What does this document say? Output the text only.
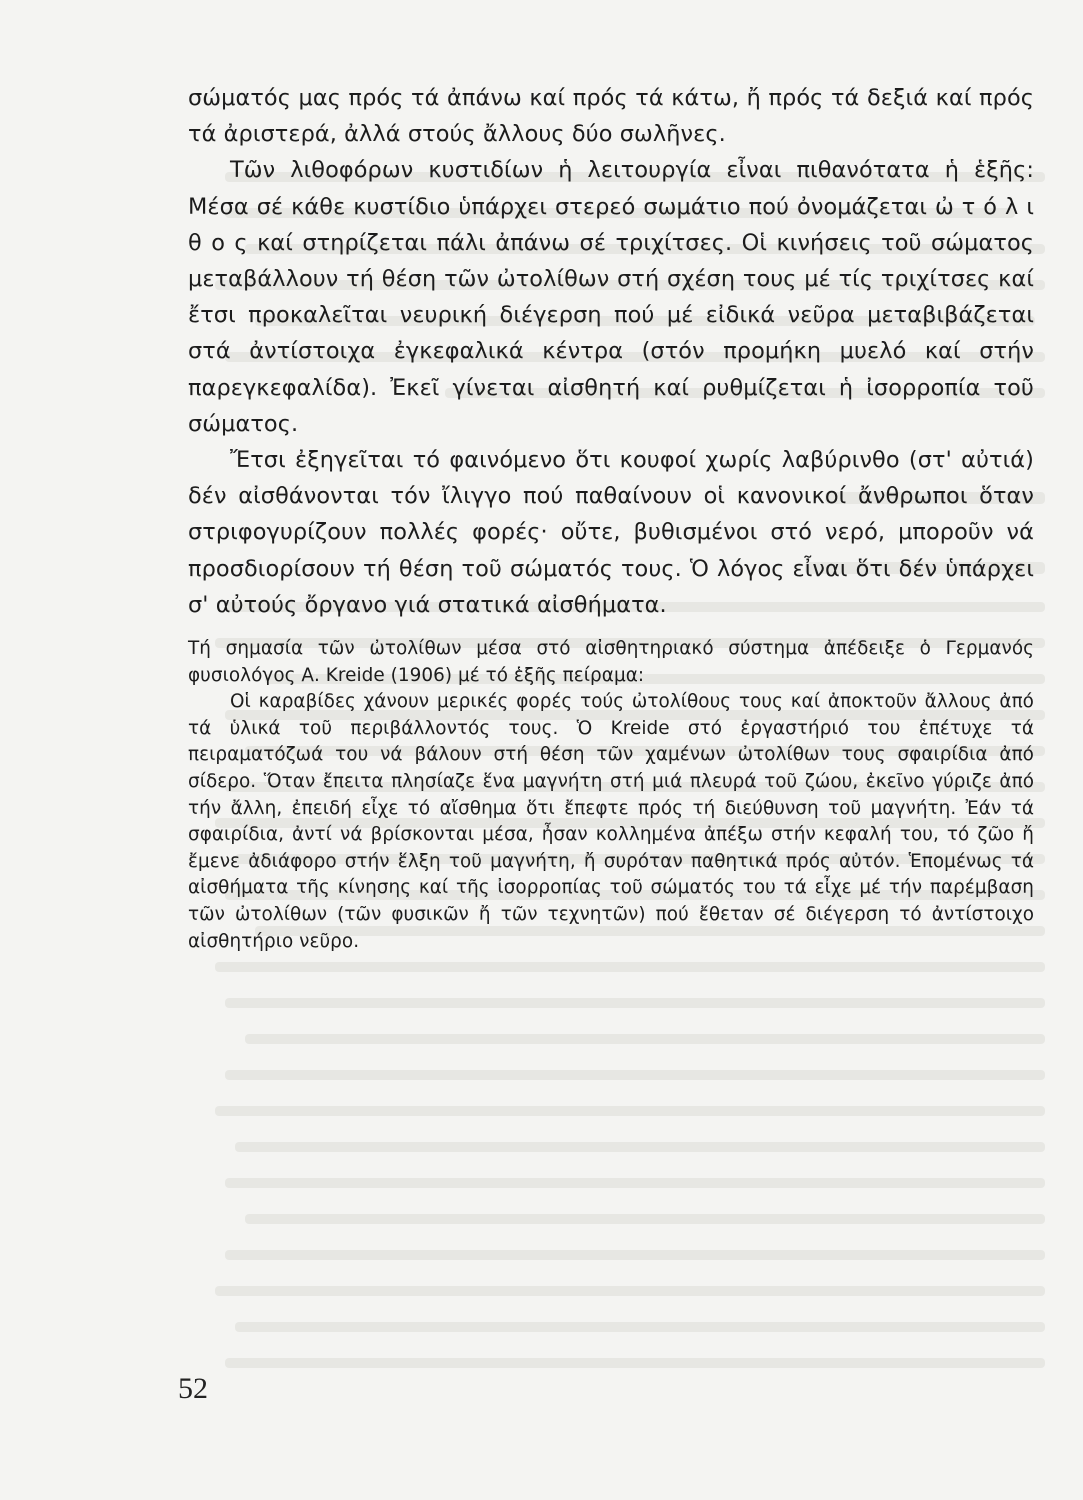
σώματός μας πρός τά ἀπάνω καί πρός τά κάτω, ἤ πρός τά δεξιά καί πρός τά ἀριστερά, ἀλλά στούς ἄλλους δύο σωλῆνες.

Τῶν λιθοφόρων κυστιδίων ἡ λειτουργία εἶναι πιθανότατα ἡ ἑξῆς: Μέσα σέ κάθε κυστίδιο ὑπάρχει στερεό σωμάτιο πού ὀνομάζεται ὠ τ ό λ ι θ ο ς καί στηρίζεται πάλι ἀπάνω σέ τριχίτσες. Οἱ κινήσεις τοῦ σώματος μεταβάλλουν τή θέση τῶν ὠτολίθων στή σχέση τους μέ τίς τριχίτσες καί ἔτσι προκαλεῖται νευρική διέγερση πού μέ εἰδικά νεῦρα μεταβιβάζεται στά ἀντίστοιχα ἐγκεφαλικά κέντρα (στόν προμήκη μυελό καί στήν παρεγκεφαλίδα). Ἐκεῖ γίνεται αἰσθητή καί ρυθμίζεται ἡ ἰσορροπία τοῦ σώματος.

Ἔτσι ἐξηγεῖται τό φαινόμενο ὅτι κουφοί χωρίς λαβύρινθο (στ' αὐτιά) δέν αἰσθάνονται τόν ἴλιγγο πού παθαίνουν οἱ κανονικοί ἄνθρωποι ὅταν στριφογυρίζουν πολλές φορές· οὔτε, βυθισμένοι στό νερό, μποροῦν νά προσδιορίσουν τή θέση τοῦ σώματός τους. Ὁ λόγος εἶναι ὅτι δέν ὑπάρχει σ' αὐτούς ὄργανο γιά στατικά αἰσθήματα.

Τή σημασία τῶν ὠτολίθων μέσα στό αἰσθητηριακό σύστημα ἀπέδειξε ὁ Γερμανός φυσιολόγος Α. Kreide (1906) μέ τό ἑξῆς πείραμα:

Οἱ καραβίδες χάνουν μερικές φορές τούς ὠτολίθους τους καί ἀποκτοῦν ἄλλους ἀπό τά ὑλικά τοῦ περιβάλλοντός τους. Ὁ Kreide στό ἐργαστήριό του ἐπέτυχε τά πειραματόζωά του νά βάλουν στή θέση τῶν χαμένων ὠτολίθων τους σφαιρίδια ἀπό σίδερο. Ὅταν ἔπειτα πλησίαζε ἕνα μαγνήτη στή μιά πλευρά τοῦ ζώου, ἐκεῖνο γύριζε ἀπό τήν ἄλλη, ἐπειδή εἶχε τό αἴσθημα ὅτι ἔπεφτε πρός τή διεύθυνση τοῦ μαγνήτη. Ἐάν τά σφαιρίδια, ἀντί νά βρίσκονται μέσα, ἦσαν κολλημένα ἀπέξω στήν κεφαλή του, τό ζῶο ἤ ἔμενε ἀδιάφορο στήν ἕλξη τοῦ μαγνήτη, ἤ συρόταν παθητικά πρός αὐτόν. Ἑπομένως τά αἰσθήματα τῆς κίνησης καί τῆς ἰσορροπίας τοῦ σώματός του τά εἶχε μέ τήν παρέμβαση τῶν ὠτολίθων (τῶν φυσικῶν ἤ τῶν τεχνητῶν) πού ἔθεταν σέ διέγερση τό ἀντίστοιχο αἰσθητήριο νεῦρο.

52
